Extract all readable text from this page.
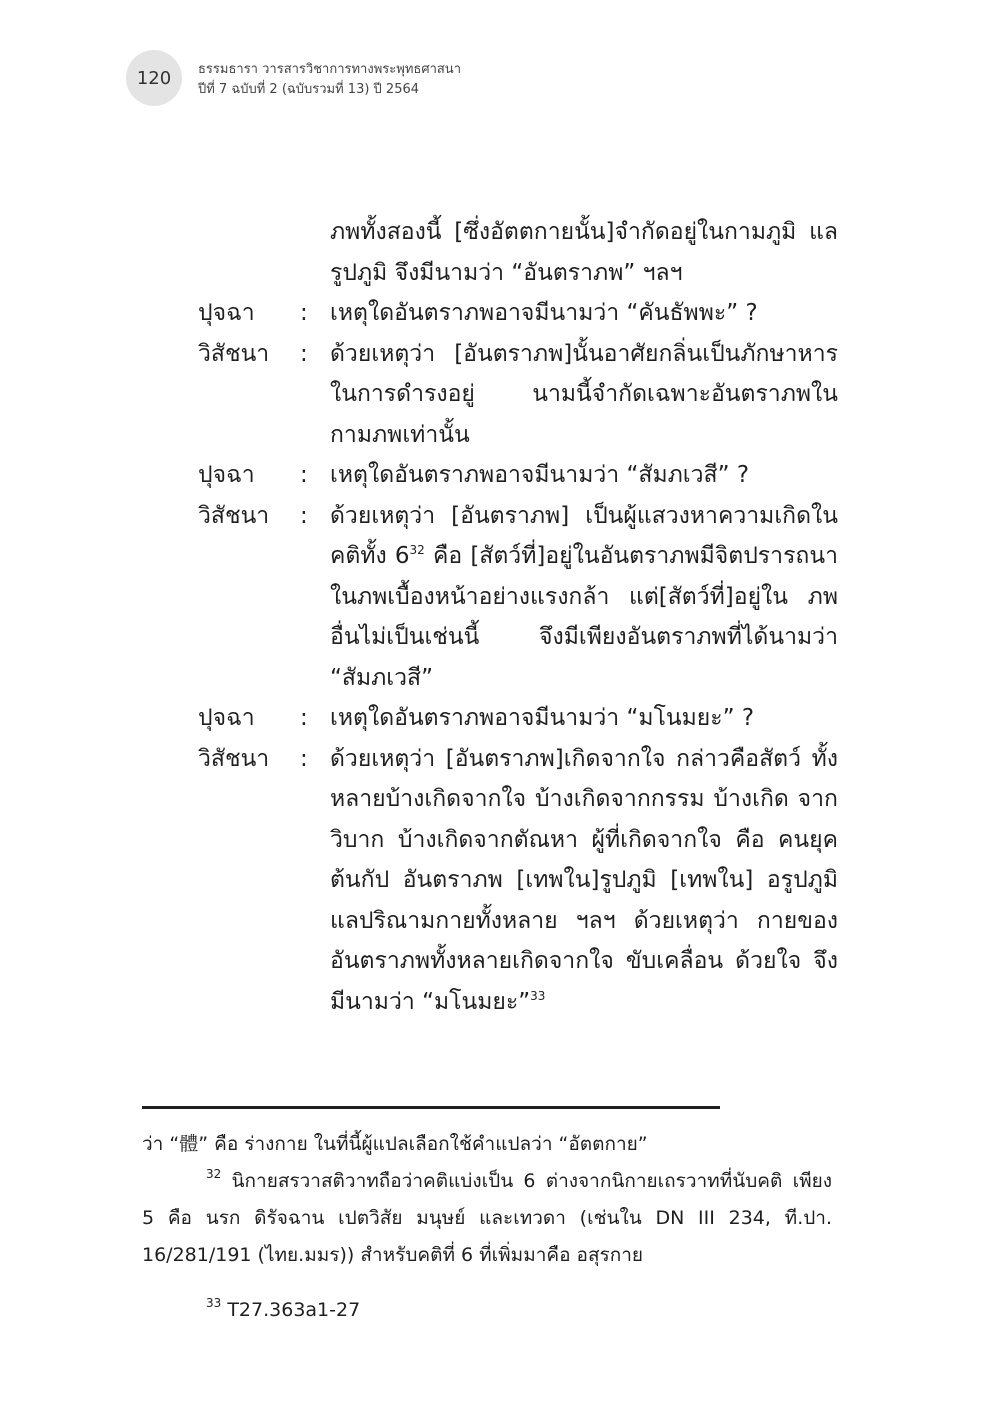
120 ธรรมธารา วารสารวิชาการทางพระพุทธศาสนา
ปีที่ 7 ฉบับที่ 2 (ฉบับรวมที่ 13) ปี 2564
ภพทั้งสองนี้ [ซึ่งอัตตกายนั้น]จำกัดอยู่ในกามภูมิ แลรูปภูมิ จึงมีนามว่า “อันตราภพ” ฯลฯ
ปุจฉา	: เหตุใดอันตราภพอาจมีนามว่า “คันธัพพะ” ?
วิสัชนา	: ด้วยเหตุว่า [อันตราภพ]นั้นอาศัยกลิ่นเป็นภักษาหาร ในการดำรงอยู่ นามนี้จำกัดเฉพาะอันตราภพใน กามภพเท่านั้น
ปุจฉา	: เหตุใดอันตราภพอาจมีนามว่า “สัมภเวสี” ?
วิสัชนา	: ด้วยเหตุว่า [อันตราภพ] เป็นผู้แสวงหาความเกิดใน คติทั้ง $6^{32}$ คือ [สัตว์ที่]อยู่ในอันตราภพมีจิตปรารถนา ในภพเบื้องหน้าอย่างแรงกล้า แต่[สัตว์ที่]อยู่ใน ภพอื่นไม่เป็นเช่นนี้ จึงมีเพียงอันตราภพที่ได้นามว่า “สัมภเวสี”
ปุจฉา	: เหตุใดอันตราภพอาจมีนามว่า “มโนมยะ” ?
วิสัชนา	: ด้วยเหตุว่า [อันตราภพ]เกิดจากใจ กล่าวคือสัตว์ ทั้งหลายบ้างเกิดจากใจ บ้างเกิดจากกรรม บ้างเกิด จากวิบาก บ้างเกิดจากตัณหา ผู้ที่เกิดจากใจ คือ คนยุคต้นกัป อันตราภพ [เทพใน]รูปภูมิ [เทพใน] อรูปภูมิ แลปริณามกายทั้งหลาย ฯลฯ ด้วยเหตุว่า กายของอันตราภพทั้งหลายเกิดจากใจ ขับเคลื่อน ด้วยใจ จึงมีนามว่า “มโนมยะ”$^{33}$
ว่า “體” คือ ร่างกาย ในที่นี้ผู้แปลเลือกใช้คำแปลว่า “อัตตกาย”
$^{32}$ นิกายสรวาสติวาทถือว่าคติแบ่งเป็น 6 ต่างจากนิกายเถรวาทที่นับคติ เพียง 5 คือ นรก ดิรัจฉาน เปตวิสัย มนุษย์ และเทวดา (เช่นใน DN III 234, ที.ปา. 16/281/191 (ไทย.มมร)) สำหรับคติที่ 6 ที่เพิ่มมาคือ อสุรกาย
$^{33}$ T27.363a1-27
